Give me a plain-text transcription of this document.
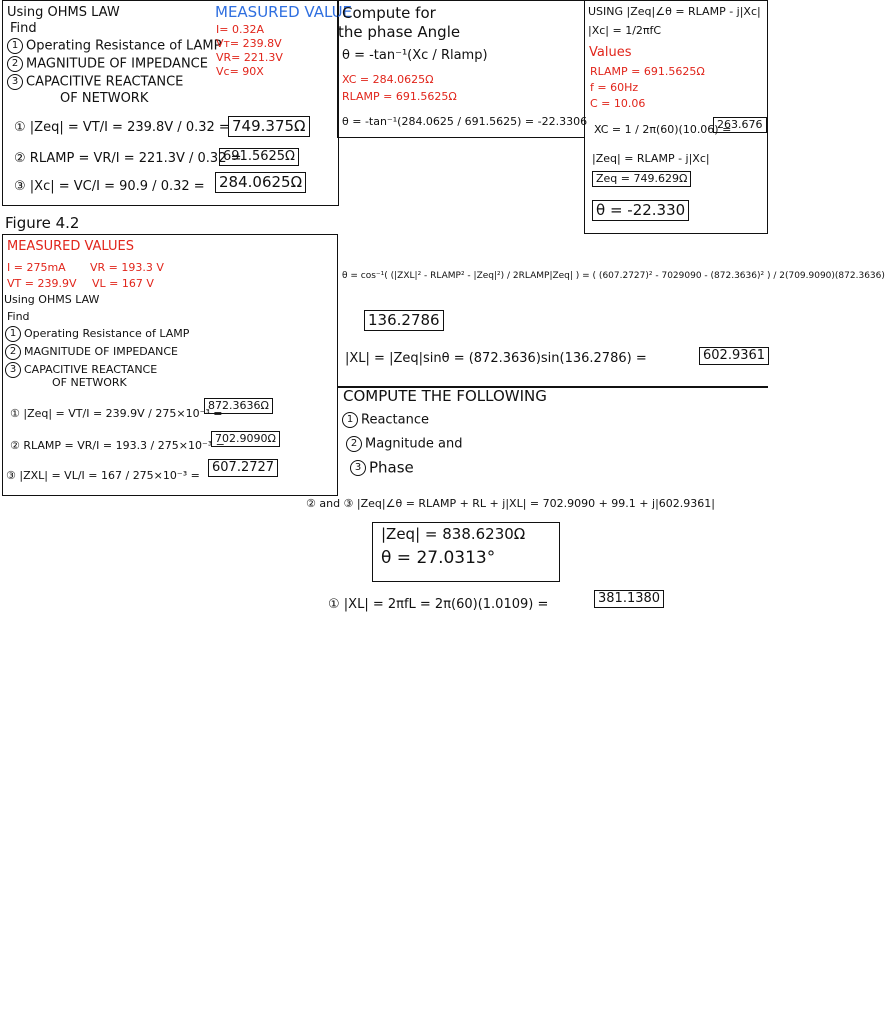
Using OHMS LAW
Find
1 Operating Resistance of LAMP
2 MAGNITUDE OF IMPEDANCE
3 CAPACITIVE REACTANCE
OF NETWORK
MEASURED VALUE
I= 0.32A
Vт= 239.8V
VR= 221.3V
Vc= 90X
① |Zeq| = VT/I = 239.8V / 0.32 = 749.375Ω
② RLAMP = VR/I = 221.3V / 0.32 =
691.5625Ω
③ |Xc| = VC/I = 90.9 / 0.32 = 284.0625Ω
Compute for
the phase Angle
θ = -tan⁻¹(Xc / Rlamp)
XC = 284.0625Ω
RLAMP = 691.5625Ω
θ = -tan⁻¹(284.0625 / 691.5625) = -22.3306
USING |Zeq|∠θ = RLAMP - j|Xc|
|Xc| = 1/2πfC
Values
RLAMP = 691.5625Ω
f = 60Hz
C = 10.06
XC = 1 / 2π(60)(10.06) =
263.676
|Zeq| = RLAMP - j|Xc|
Zeq = 749.629Ω
θ = -22.330
Figure 4.2
MEASURED VALUES
I = 275mA VR = 193.3 V
VT = 239.9V VL = 167 V
Using OHMS LAW
Find
1 Operating Resistance of LAMP
2 MAGNITUDE OF IMPEDANCE
3 CAPACITIVE REACTANCE
OF NETWORK
① |Zeq| = VT/I = 239.9V / 275×10⁻³ =
872.3636Ω
② RLAMP = VR/I = 193.3 / 275×10⁻³ =
702.9090Ω
③ |ZXL| = VL/I = 167 / 275×10⁻³ =
607.2727
θ = cos⁻¹( (|ZXL|² - RLAMP² - |Zeq|²) / 2RLAMP|Zeq| ) = ( (607.2727)² - 7029090 - (872.3636)² ) / 2(709.9090)(872.3636)
136.2786
|XL| = |Zeq|sinθ = (872.3636)sin(136.2786) =	602.9361
COMPUTE THE FOLLOWING
1 Reactance
2 Magnitude and
3 Phase
② and ③ |Zeq|∠θ = RLAMP + RL + j|XL| = 702.9090 + 99.1 + j|602.9361|
|Zeq| = 838.6230Ω
θ = 27.0313°
① |XL| = 2πfL = 2π(60)(1.0109) =	381.1380
